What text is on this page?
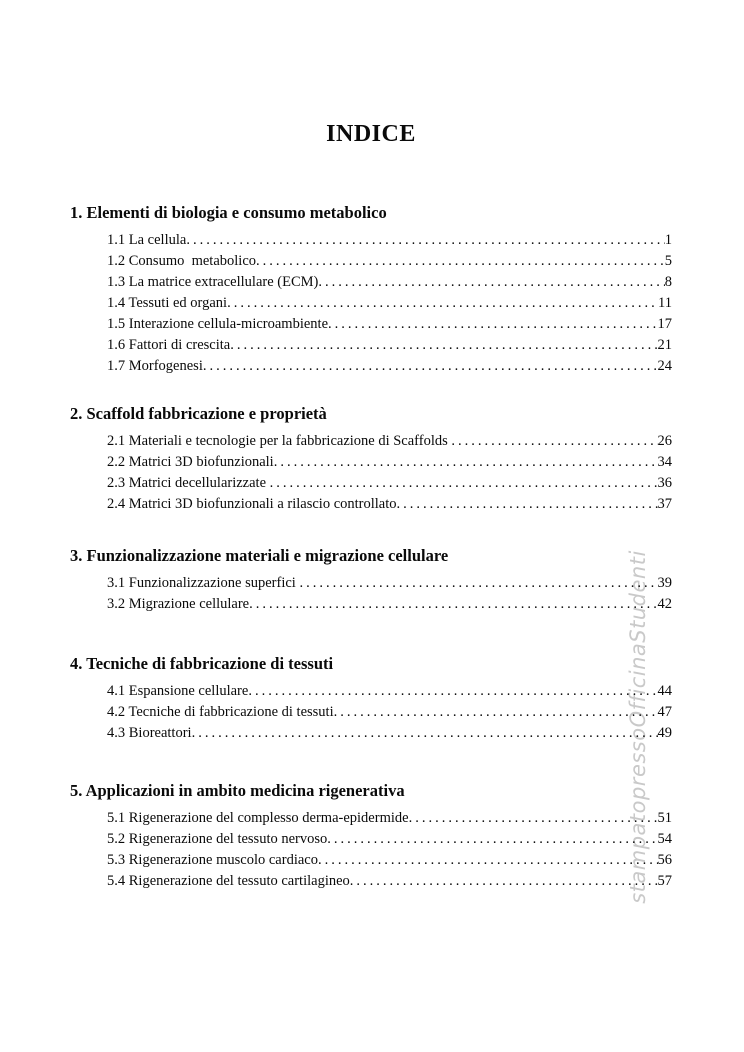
INDICE
1. Elementi di biologia e consumo metabolico
1.1 La cellula .....	1
1.2 Consumo  metabolico .....	5
1.3 La matrice extracellulare (ECM) .....	8
1.4 Tessuti ed organi .....	11
1.5 Interazione cellula-microambiente .....	17
1.6 Fattori di crescita .....	21
1.7 Morfogenesi .....	24
2. Scaffold fabbricazione e proprietà
2.1 Materiali e tecnologie per la fabbricazione di Scaffolds .....	26
2.2 Matrici 3D biofunzionali .....	34
2.3 Matrici decellularizzate .....	36
2.4 Matrici 3D biofunzionali a rilascio controllato .....	37
3. Funzionalizzazione materiali e migrazione cellulare
3.1 Funzionalizzazione superfici .....	39
3.2 Migrazione cellulare .....	42
4. Tecniche di fabbricazione di tessuti
4.1 Espansione cellulare .....	44
4.2 Tecniche di fabbricazione di tessuti .....	47
4.3 Bioreattori .....	49
5. Applicazioni in ambito medicina rigenerativa
5.1 Rigenerazione del complesso derma-epidermide .....	51
5.2 Rigenerazione del tessuto nervoso .....	54
5.3 Rigenerazione muscolo cardiaco .....	56
5.4 Rigenerazione del tessuto cartilagineo .....	57
stampatopressoOfficinaStudenti
